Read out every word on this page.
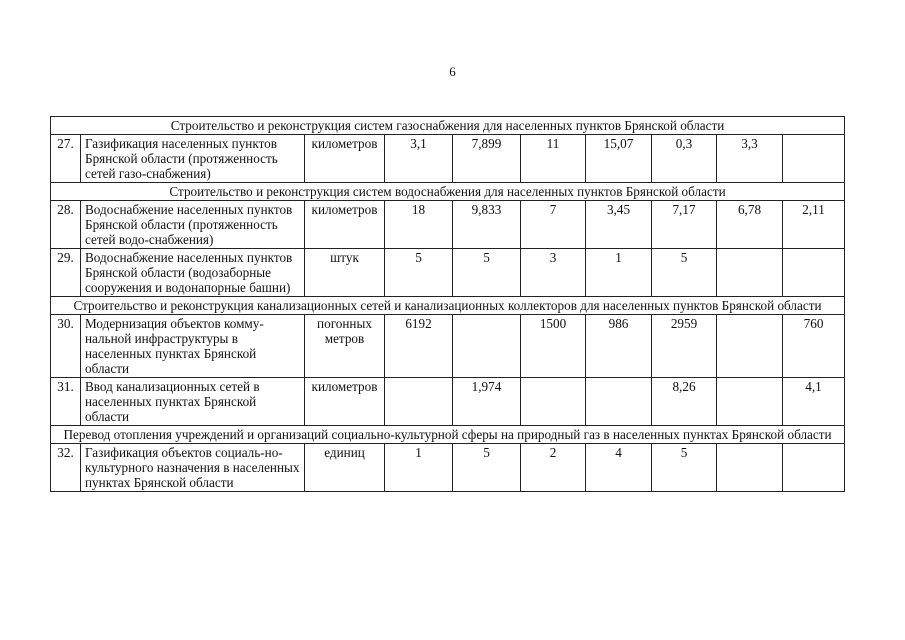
6
Строительство и реконструкция систем газоснабжения для населенных пунктов Брянской области									
27.	Газификация населенных пунктов Брянской области (протяженность сетей газо-снабжения)	километров	3,1	7,899	11	15,07	0,3	3,3	
Строительство и реконструкция систем водоснабжения для населенных пунктов Брянской области									
28.	Водоснабжение населенных пунктов Брянской области (протяженность сетей водо-снабжения)	километров	18	9,833	7	3,45	7,17	6,78	2,11
29.	Водоснабжение населенных пунктов Брянской области (водозаборные сооружения и водонапорные башни)	штук	5	5	3	1	5		
Строительство и реконструкция канализационных сетей и канализационных коллекторов для населенных пунктов Брянской области									
30.	Модернизация объектов комму-нальной инфраструктуры в населенных пунктах Брянской области	погонных метров	6192		1500	986	2959		760
31.	Ввод канализационных сетей в населенных пунктах Брянской области	километров		1,974			8,26		4,1
Перевод отопления учреждений и организаций социально-культурной сферы на природный газ в населенных пунктах Брянской области									
32.	Газификация объектов социаль-но-культурного назначения в населенных пунктах Брянской области	единиц	1	5	2	4	5		
